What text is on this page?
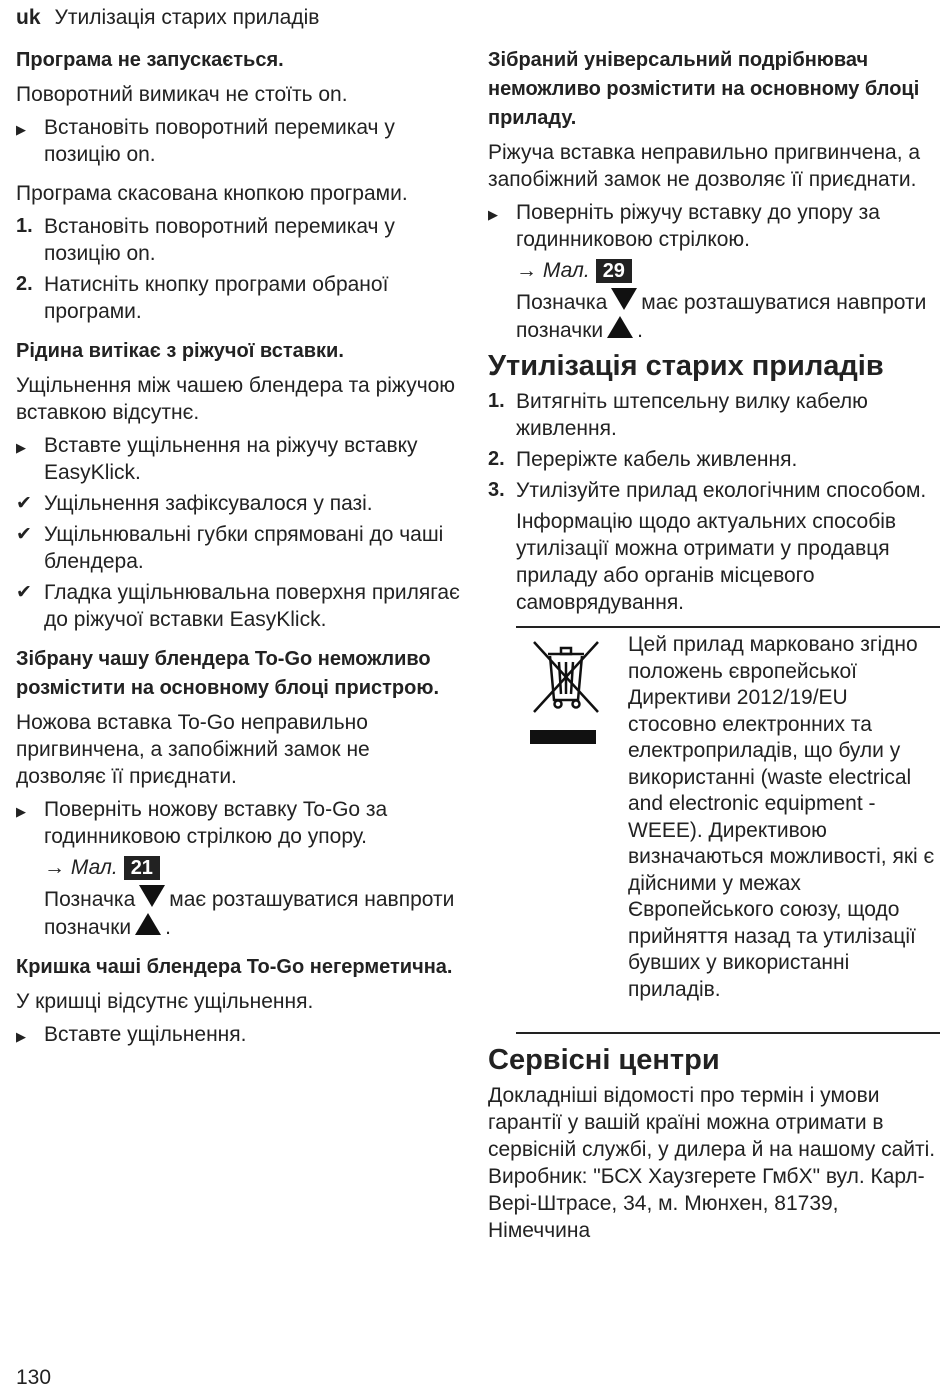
uk Утилізація старих приладів
Програма не запускається.
Поворотний вимикач не стоїть on.
▶ Встановіть поворотний перемикач у позицію on.
Програма скасована кнопкою програми.
1. Встановіть поворотний перемикач у позицію on.
2. Натисніть кнопку програми обраної програми.
Рідина витікає з ріжучої вставки.
Ущільнення між чашею блендера та ріжучою вставкою відсутнє.
▶ Вставте ущільнення на ріжучу вставку EasyKlick.
✔ Ущільнення зафіксувалося у пазі.
✔ Ущільнювальні губки спрямовані до чаші блендера.
✔ Гладка ущільнювальна поверхня прилягає до ріжучої вставки EasyKlick.
Зібрану чашу блендера To-Go неможливо розмістити на основному блоці пристрою.
Ножова вставка To-Go неправильно пригвинчена, а запобіжний замок не дозволяє її приєднати.
▶ Поверніть ножову вставку To-Go за годинниковою стрілкою до упору.
→ Мал. 21
Позначка має розташуватися навпроти позначки .
Кришка чаші блендера To-Go негерметична.
У кришці відсутнє ущільнення.
▶ Вставте ущільнення.
Зібраний універсальний подрібнювач неможливо розмістити на основному блоці приладу.
Ріжуча вставка неправильно пригвинчена, а запобіжний замок не дозволяє її приєднати.
▶ Поверніть ріжучу вставку до упору за годинниковою стрілкою.
→ Мал. 29
Позначка має розташуватися навпроти позначки .
Утилізація старих приладів
1. Витягніть штепсельну вилку кабелю живлення.
2. Переріжте кабель живлення.
3. Утилізуйте прилад екологічним способом.
Інформацію щодо актуальних способів утилізації можна отримати у продавця приладу або органів місцевого самоврядування.
Цей прилад марковано згідно положень європейської Директиви 2012/19/EU стосовно електронних та електроприладів, що були у використанні (waste electrical and electronic equipment - WEEE). Директивою визначаються можливості, які є дійсними у межах Європейського союзу, щодо прийняття назад та утилізації бувших у використанні приладів.
Сервісні центри
Докладніші відомості про термін і умови гарантії у вашій країні можна отримати в сервісній службі, у дилера й на нашому сайті.
Виробник: "БСХ Хаузгерете ГмбХ" вул. Карл-Вері-Штрасе, 34, м. Мюнхен, 81739, Німеччина
130
